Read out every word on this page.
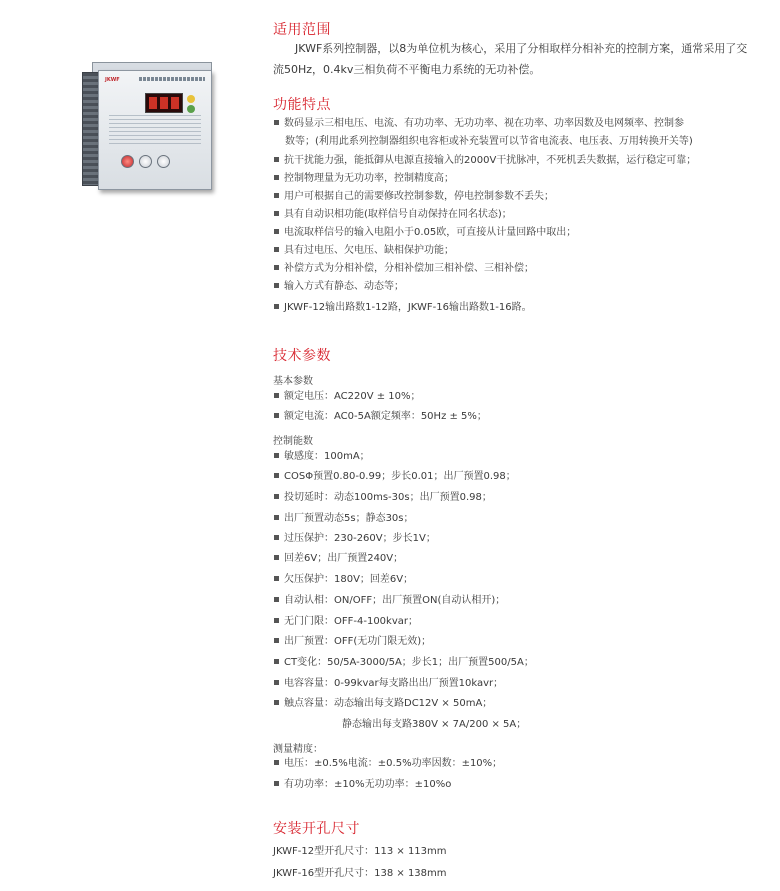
JKWF
适用范围
JKWF系列控制器，以8为单位机为核心，采用了分相取样分相补充的控制方案，通常采用了交流50Hz，0.4kv三相负荷不平衡电力系统的无功补偿。
功能特点
数码显示三相电压、电流、有功功率、无功功率、视在功率、功率因数及电网频率、控制参
数等；(利用此系列控制器组织电容柜或补充装置可以节省电流表、电压表、万用转换开关等)
抗干扰能力强，能抵御从电源直接输入的2000V干扰脉冲，不死机丢失数据，运行稳定可靠；
控制物理量为无功功率，控制精度高；
用户可根据自己的需要修改控制参数，停电控制参数不丢失；
具有自动识相功能(取样信号自动保持在同名状态)；
电流取样信号的输入电阻小于0.05欧，可直接从计量回路中取出；
具有过电压、欠电压、缺相保护功能；
补偿方式为分相补偿，分相补偿加三相补偿、三相补偿；
输入方式有静态、动态等；
JKWF-12输出路数1-12路，JKWF-16输出路数1-16路。
技术参数
基本参数
额定电压：AC220V ± 10%；
额定电流：AC0-5A额定频率：50Hz ± 5%；
控制能数
敏感度：100mA；
COSΦ预置0.80-0.99；步长0.01；出厂预置0.98；
投切延时：动态100ms-30s；出厂预置0.98；
出厂预置动态5s；静态30s；
过压保护：230-260V；步长1V；
回差6V；出厂预置240V；
欠压保护：180V；回差6V；
自动认相：ON/OFF；出厂预置ON(自动认相开)；
无门门限：OFF-4-100kvar；
出厂预置：OFF(无功门限无效)；
CT变化：50/5A-3000/5A；步长1；出厂预置500/5A；
电容容量：0-99kvar每支路出出厂预置10kavr；
触点容量：动态输出每支路DC12V × 50mA；
静态输出每支路380V × 7A/200 × 5A；
测量精度：
电压：±0.5%电流：±0.5%功率因数：±10%；
有功功率：±10%无功功率：±10%o
安装开孔尺寸
JKWF-12型开孔尺寸：113 × 113mm
JKWF-16型开孔尺寸：138 × 138mm
